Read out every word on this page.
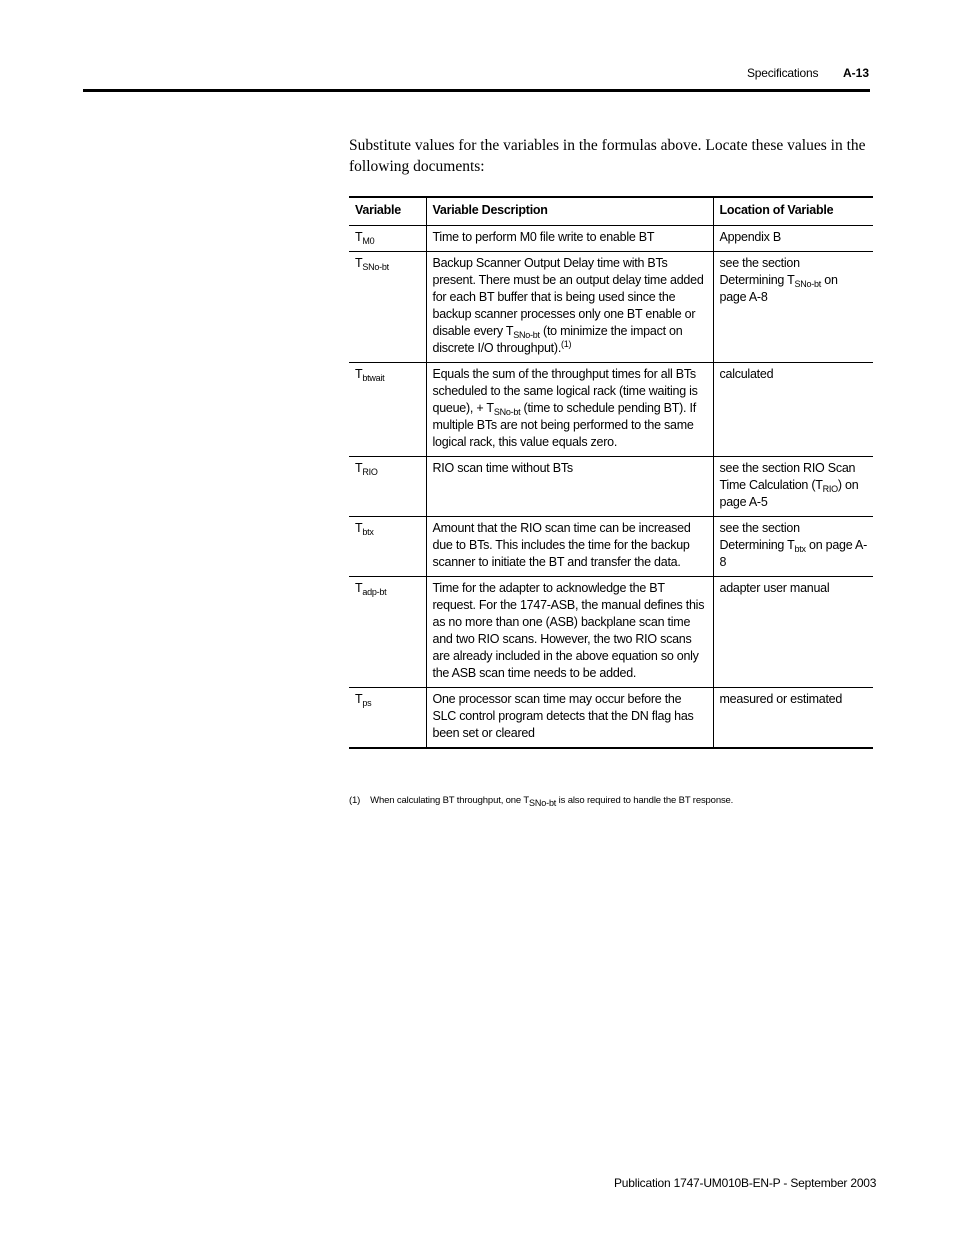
Specifications A-13
Substitute values for the variables in the formulas above. Locate these values in the following documents:
Variable	Variable Description	Location of Variable
$T_{M0}$	Time to perform M0 file write to enable BT	Appendix B
$T_{SNo-bt}$	Backup Scanner Output Delay time with BTs present. There must be an output delay time added for each BT buffer that is being used since the backup scanner processes only one BT enable or disable every $T_{SNo-bt}$ (to minimize the impact on discrete I/O throughput).$^{(1)}$	see the section Determining $T_{SNo-bt}$ on page A-8
$T_{btwait}$	Equals the sum of the throughput times for all BTs scheduled to the same logical rack (time waiting is queue), + $T_{SNo-bt}$ (time to schedule pending BT). If multiple BTs are not being performed to the same logical rack, this value equals zero.	calculated
$T_{RIO}$	RIO scan time without BTs	see the section RIO Scan Time Calculation $(T_{RIO})$ on page A-5
$T_{btx}$	Amount that the RIO scan time can be increased due to BTs. This includes the time for the backup scanner to initiate the BT and transfer the data.	see the section Determining $T_{btx}$ on page A-8
$T_{adp-bt}$	Time for the adapter to acknowledge the BT request. For the 1747-ASB, the manual defines this as no more than one (ASB) backplane scan time and two RIO scans. However, the two RIO scans are already included in the above equation so only the ASB scan time needs to be added.	adapter user manual
$T_{ps}$	One processor scan time may occur before the SLC control program detects that the DN flag has been set or cleared	measured or estimated
(1) When calculating BT throughput, one $T_{SNo-bt}$ is also required to handle the BT response.
Publication 1747-UM010B-EN-P - September 2003
